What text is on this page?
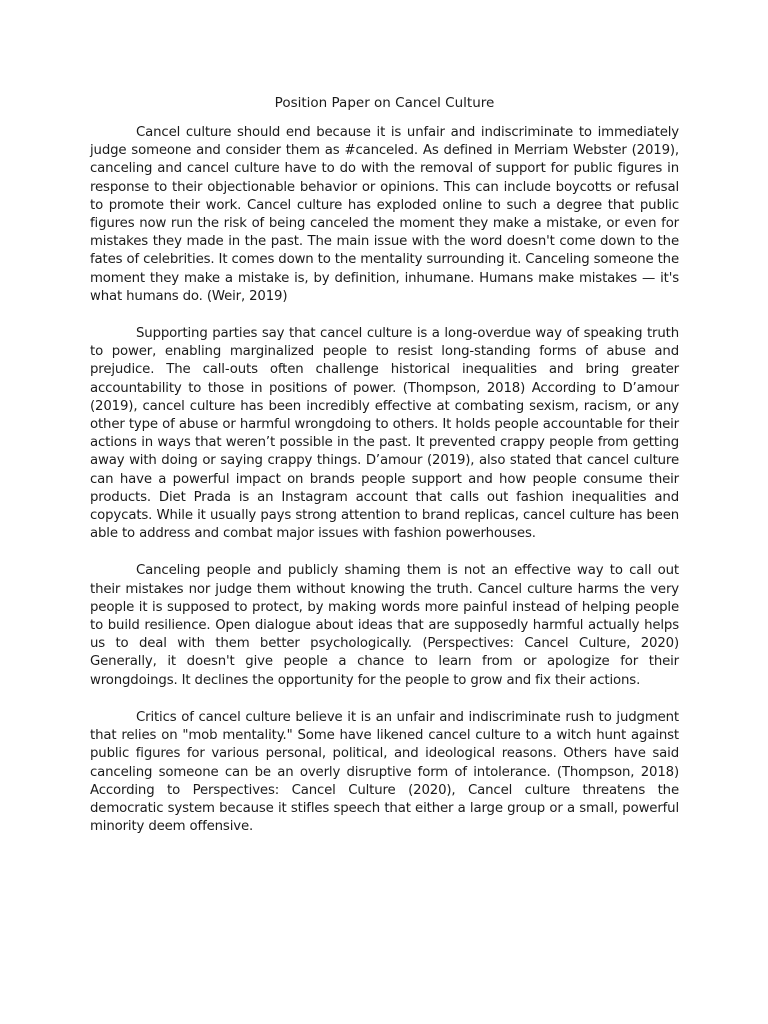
Position Paper on Cancel Culture

Cancel culture should end because it is unfair and indiscriminate to immediately judge someone and consider them as #canceled. As defined in Merriam Webster (2019), canceling and cancel culture have to do with the removal of support for public figures in response to their objectionable behavior or opinions. This can include boycotts or refusal to promote their work. Cancel culture has exploded online to such a degree that public figures now run the risk of being canceled the moment they make a mistake, or even for mistakes they made in the past. The main issue with the word doesn't come down to the fates of celebrities. It comes down to the mentality surrounding it. Canceling someone the moment they make a mistake is, by definition, inhumane. Humans make mistakes — it's what humans do. (Weir, 2019)

Supporting parties say that cancel culture is a long-overdue way of speaking truth to power, enabling marginalized people to resist long-standing forms of abuse and prejudice. The call-outs often challenge historical inequalities and bring greater accountability to those in positions of power. (Thompson, 2018) According to D’amour (2019), cancel culture has been incredibly effective at combating sexism, racism, or any other type of abuse or harmful wrongdoing to others. It holds people accountable for their actions in ways that weren’t possible in the past. It prevented crappy people from getting away with doing or saying crappy things. D’amour (2019), also stated that cancel culture can have a powerful impact on brands people support and how people consume their products. Diet Prada is an Instagram account that calls out fashion inequalities and copycats. While it usually pays strong attention to brand replicas, cancel culture has been able to address and combat major issues with fashion powerhouses.

Canceling people and publicly shaming them is not an effective way to call out their mistakes nor judge them without knowing the truth. Cancel culture harms the very people it is supposed to protect, by making words more painful instead of helping people to build resilience. Open dialogue about ideas that are supposedly harmful actually helps us to deal with them better psychologically. (Perspectives: Cancel Culture, 2020) Generally, it doesn't give people a chance to learn from or apologize for their wrongdoings. It declines the opportunity for the people to grow and fix their actions.

Critics of cancel culture believe it is an unfair and indiscriminate rush to judgment that relies on "mob mentality." Some have likened cancel culture to a witch hunt against public figures for various personal, political, and ideological reasons. Others have said canceling someone can be an overly disruptive form of intolerance. (Thompson, 2018) According to Perspectives: Cancel Culture (2020), Cancel culture threatens the democratic system because it stifles speech that either a large group or a small, powerful minority deem offensive.
